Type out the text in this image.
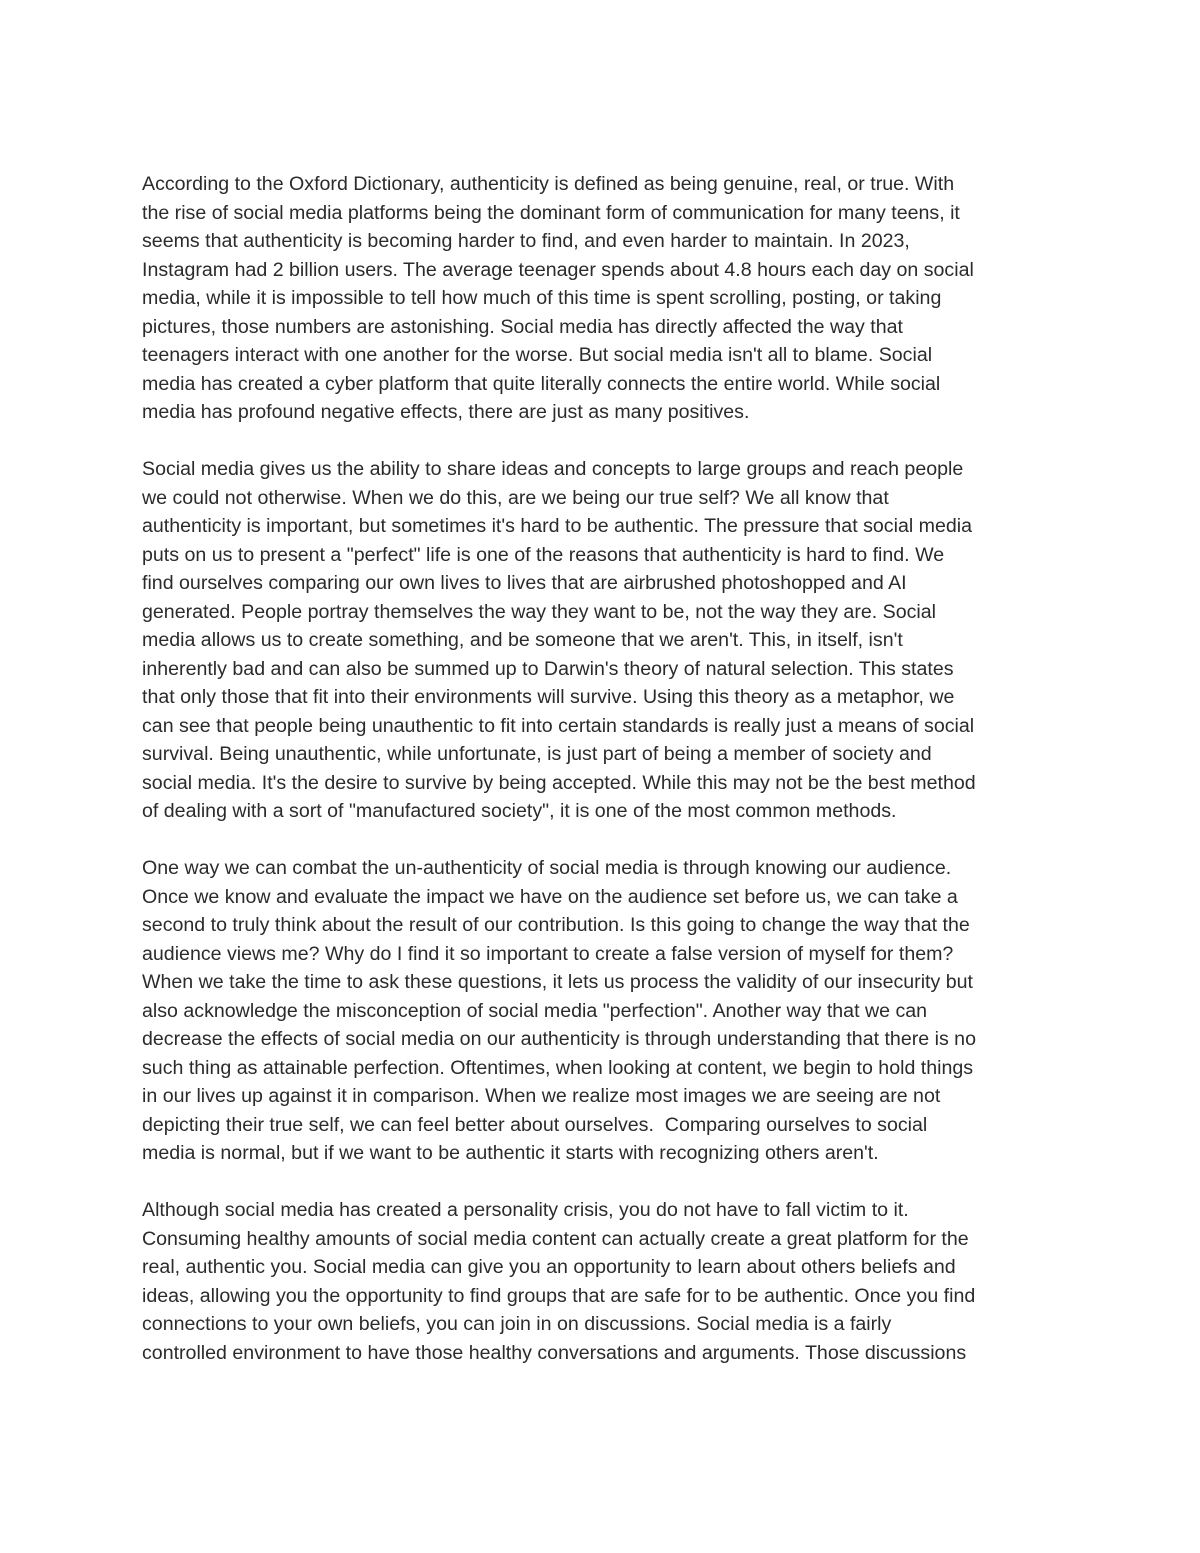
According to the Oxford Dictionary, authenticity is defined as being genuine, real, or true. With
the rise of social media platforms being the dominant form of communication for many teens, it
seems that authenticity is becoming harder to find, and even harder to maintain. In 2023,
Instagram had 2 billion users. The average teenager spends about 4.8 hours each day on social
media, while it is impossible to tell how much of this time is spent scrolling, posting, or taking
pictures, those numbers are astonishing. Social media has directly affected the way that
teenagers interact with one another for the worse. But social media isn't all to blame. Social
media has created a cyber platform that quite literally connects the entire world. While social
media has profound negative effects, there are just as many positives.

Social media gives us the ability to share ideas and concepts to large groups and reach people
we could not otherwise. When we do this, are we being our true self? We all know that
authenticity is important, but sometimes it's hard to be authentic. The pressure that social media
puts on us to present a "perfect" life is one of the reasons that authenticity is hard to find. We
find ourselves comparing our own lives to lives that are airbrushed photoshopped and AI
generated. People portray themselves the way they want to be, not the way they are. Social
media allows us to create something, and be someone that we aren't. This, in itself, isn't
inherently bad and can also be summed up to Darwin's theory of natural selection. This states
that only those that fit into their environments will survive. Using this theory as a metaphor, we
can see that people being unauthentic to fit into certain standards is really just a means of social
survival. Being unauthentic, while unfortunate, is just part of being a member of society and
social media. It's the desire to survive by being accepted. While this may not be the best method
of dealing with a sort of "manufactured society", it is one of the most common methods.

One way we can combat the un-authenticity of social media is through knowing our audience.
Once we know and evaluate the impact we have on the audience set before us, we can take a
second to truly think about the result of our contribution. Is this going to change the way that the
audience views me? Why do I find it so important to create a false version of myself for them?
When we take the time to ask these questions, it lets us process the validity of our insecurity but
also acknowledge the misconception of social media "perfection". Another way that we can
decrease the effects of social media on our authenticity is through understanding that there is no
such thing as attainable perfection. Oftentimes, when looking at content, we begin to hold things
in our lives up against it in comparison. When we realize most images we are seeing are not
depicting their true self, we can feel better about ourselves.  Comparing ourselves to social
media is normal, but if we want to be authentic it starts with recognizing others aren't.

Although social media has created a personality crisis, you do not have to fall victim to it.
Consuming healthy amounts of social media content can actually create a great platform for the
real, authentic you. Social media can give you an opportunity to learn about others beliefs and
ideas, allowing you the opportunity to find groups that are safe for to be authentic. Once you find
connections to your own beliefs, you can join in on discussions. Social media is a fairly
controlled environment to have those healthy conversations and arguments. Those discussions
